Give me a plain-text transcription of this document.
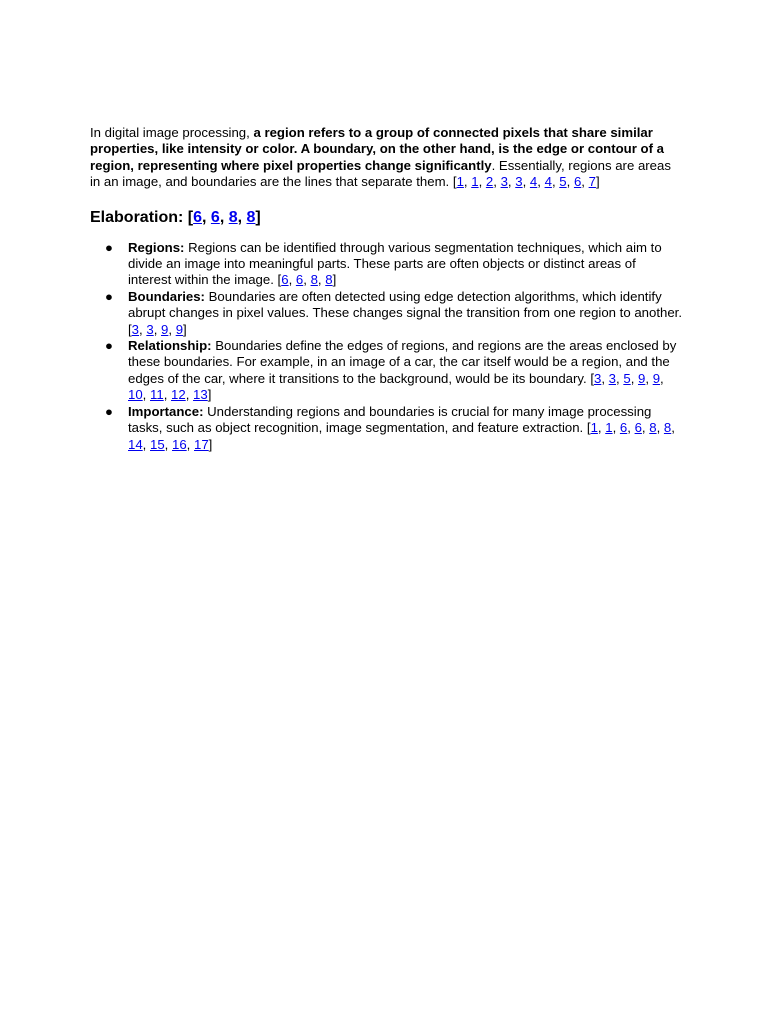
In digital image processing, a region refers to a group of connected pixels that share similar properties, like intensity or color. A boundary, on the other hand, is the edge or contour of a region, representing where pixel properties change significantly. Essentially, regions are areas in an image, and boundaries are the lines that separate them. [1, 1, 2, 3, 3, 4, 4, 5, 6, 7]

Elaboration: [6, 6, 8, 8]
● Regions: Regions can be identified through various segmentation techniques, which aim to divide an image into meaningful parts. These parts are often objects or distinct areas of interest within the image. [6, 6, 8, 8]
● Boundaries: Boundaries are often detected using edge detection algorithms, which identify abrupt changes in pixel values. These changes signal the transition from one region to another. [3, 3, 9, 9]
● Relationship: Boundaries define the edges of regions, and regions are the areas enclosed by these boundaries. For example, in an image of a car, the car itself would be a region, and the edges of the car, where it transitions to the background, would be its boundary. [3, 3, 5, 9, 9, 10, 11, 12, 13]
● Importance: Understanding regions and boundaries is crucial for many image processing tasks, such as object recognition, image segmentation, and feature extraction. [1, 1, 6, 6, 8, 8, 14, 15, 16, 17]
